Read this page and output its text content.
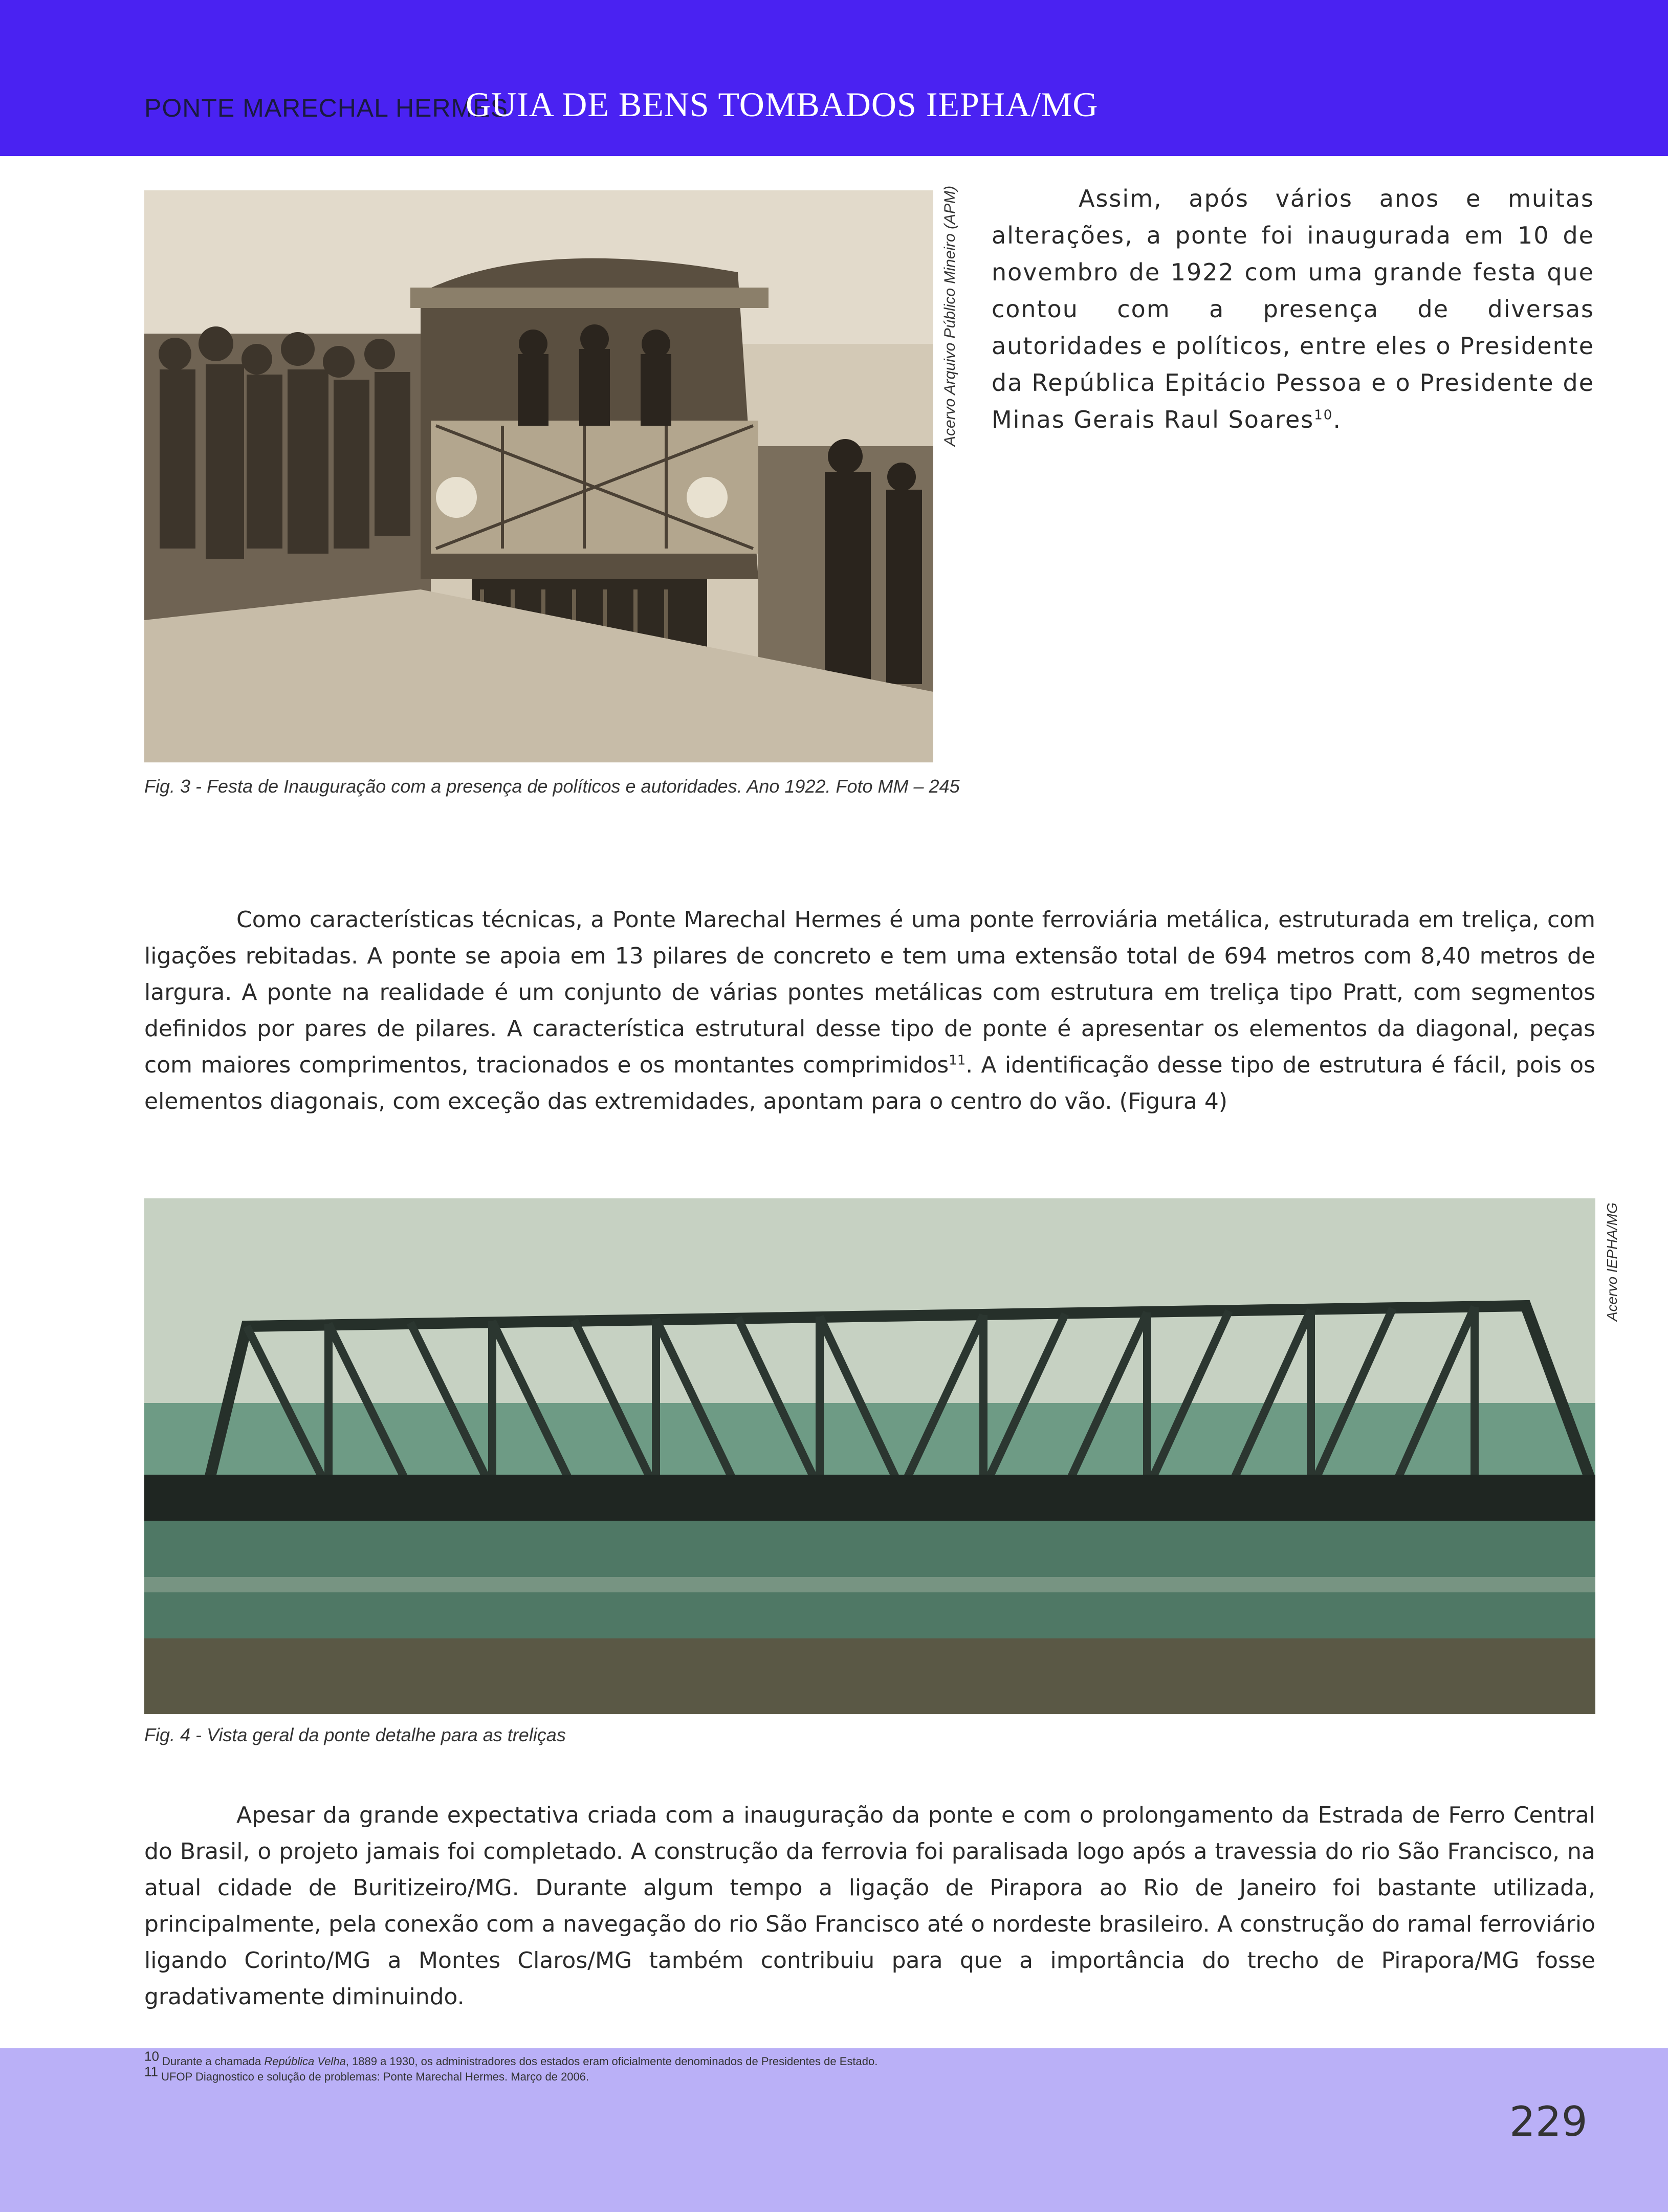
PONTE MARECHAL HERMES
GUIA DE BENS TOMBADOS IEPHA/MG
Acervo Arquivo Público Mineiro (APM)
Fig. 3 - Festa de Inauguração com a presença de políticos e autoridades. Ano 1922. Foto MM – 245

Assim, após vários anos e muitas alterações, a ponte foi inaugurada em 10 de novembro de 1922 com uma grande festa que contou com a presença de diversas autoridades e políticos, entre eles o Presidente da República Epitácio Pessoa e o Presidente de Minas Gerais Raul Soares$^{10}$.

Como características técnicas, a Ponte Marechal Hermes é uma ponte ferroviária metálica, estruturada em treliça, com ligações rebitadas. A ponte se apoia em 13 pilares de concreto e tem uma extensão total de 694 metros com 8,40 metros de largura. A ponte na realidade é um conjunto de várias pontes metálicas com estrutura em treliça tipo Pratt, com segmentos definidos por pares de pilares. A característica estrutural desse tipo de ponte é apresentar os elementos da diagonal, peças com maiores comprimentos, tracionados e os montantes comprimidos$^{11}$. A identificação desse tipo de estrutura é fácil, pois os elementos diagonais, com exceção das extremidades, apontam para o centro do vão. (Figura 4)

Acervo IEPHA/MG
Fig. 4 - Vista geral da ponte detalhe para as treliças

Apesar da grande expectativa criada com a inauguração da ponte e com o prolongamento da Estrada de Ferro Central do Brasil, o projeto jamais foi completado. A construção da ferrovia foi paralisada logo após a travessia do rio São Francisco, na atual cidade de Buritizeiro/MG. Durante algum tempo a ligação de Pirapora ao Rio de Janeiro foi bastante utilizada, principalmente, pela conexão com a navegação do rio São Francisco até o nordeste brasileiro. A construção do ramal ferroviário ligando Corinto/MG a Montes Claros/MG também contribuiu para que a importância do trecho de Pirapora/MG fosse gradativamente diminuindo.

$^{10}$ Durante a chamada República Velha, 1889 a 1930, os administradores dos estados eram oficialmente denominados de Presidentes de Estado.
$^{11}$ UFOP Diagnostico e solução de problemas: Ponte Marechal Hermes. Março de 2006.
229
